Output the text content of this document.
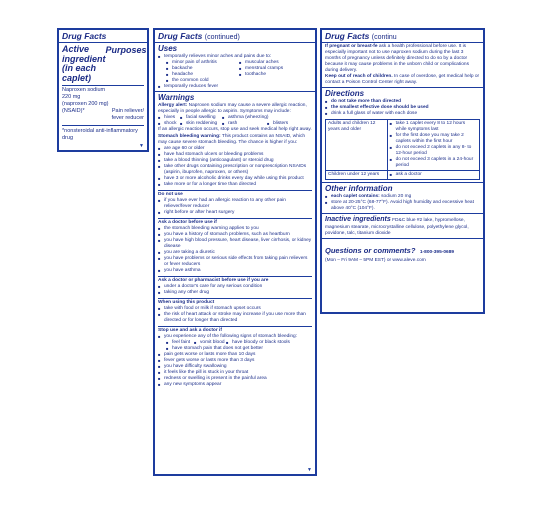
Drug Facts
Active ingredient (in each caplet)
Purposes
Naproxen sodium
220 mg
(naproxen 200 mg)
(NSAID)*	Pain reliever/
fever reducer
*nonsteroidal anti-inflammatory drug
▼
Drug Facts (continued)
Uses
■ temporarily relieves minor aches and pains due to:
■ minor pain of arthritis
■ backache
■ headache
■ the common cold
■ muscular aches
■ menstrual cramps
■ toothache
■ temporarily reduces fever
Warnings
Allergy alert: Naproxen sodium may cause a severe allergic reaction, especially in people allergic to aspirin. Symptoms may include:
■ hives	■ facial swelling	■ asthma (wheezing)
■ shock	■ skin reddening	■ rash	■ blisters
If an allergic reaction occurs, stop use and seek medical help right away.
Stomach bleeding warning: This product contains an NSAID, which may cause severe stomach bleeding. The chance is higher if you:
■ are age 60 or older
■ have had stomach ulcers or bleeding problems
■ take a blood thinning (anticoagulant) or steroid drug
■ take other drugs containing prescription or nonprescription NSAIDs (aspirin, ibuprofen, naproxen, or others)
■ have 3 or more alcoholic drinks every day while using this product
■ take more or for a longer time than directed
Do not use
■ if you have ever had an allergic reaction to any other pain reliever/fever reducer
■ right before or after heart surgery
Ask a doctor before use if
■ the stomach bleeding warning applies to you
■ you have a history of stomach problems, such as heartburn
■ you have high blood pressure, heart disease, liver cirrhosis, or kidney disease
■ you are taking a diuretic
■ you have problems or serious side effects from taking pain relievers or fever reducers
■ you have asthma
Ask a doctor or pharmacist before use if you are
■ under a doctor's care for any serious condition
■ taking any other drug
When using this product
■ take with food or milk if stomach upset occurs
■ the risk of heart attack or stroke may increase if you use more than directed or for longer than directed
Stop use and ask a doctor if
■ you experience any of the following signs of stomach bleeding:
■ feel faint	■ vomit blood	■ have bloody or black stools
■ have stomach pain that does not get better
■ pain gets worse or lasts more than 10 days
■ fever gets worse or lasts more than 3 days
■ you have difficulty swallowing
■ it feels like the pill is stuck in your throat
■ redness or swelling is present in the painful area
■ any new symptoms appear
▼
Drug Facts (continu
If pregnant or breast-fe ask a health professional before use. It is especially important not to use naproxen sodium during the last 3 months of pregnancy unless definitely directed to do so by a doctor because it may cause problems in the unborn child or complications during delivery.
Keep out of reach of children. In case of overdose, get medical help or contact a Poison Control Center right away.
Directions
■ do not take more than directed
■ the smallest effective dose should be used
■ drink a full glass of water with each dose
Adults and children 12 years and older	■ take 1 caplet every 8 to 12 hours while symptoms last
■ for the first dose you may take 2 caplets within the first hour
■ do not exceed 2 caplets in any 8- to 12-hour period
■ do not exceed 3 caplets in a 24-hour period

Children under 12 years	■ ask a doctor
Other information
■ each caplet contains: sodium 20 mg
■ store at 20-25°C (68-77°F). Avoid high humidity and excessive heat above 40°C (104°F).
Inactive ingredients FD&C blue #2 lake, hypromellose, magnesium stearate, microcrystalline cellulose, polyethylene glycol, povidone, talc, titanium dioxide
Questions or comments? 1-800-395-0689
(Mon – Fri 9AM – 5PM EST) or www.aleve.com
